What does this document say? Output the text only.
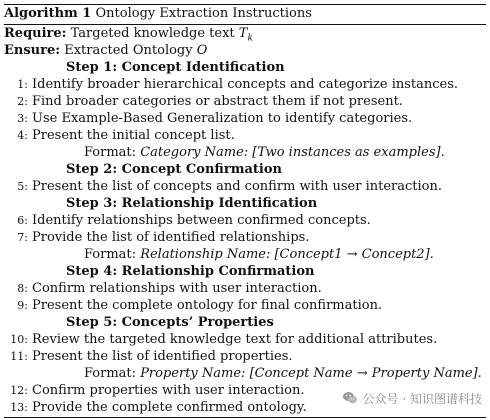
Algorithm 1 Ontology Extraction Instructions
Require: Targeted knowledge text $T_k$
Ensure: Extracted Ontology O
Step 1: Concept Identification
1: Identify broader hierarchical concepts and categorize instances.
2: Find broader categories or abstract them if not present.
3: Use Example-Based Generalization to identify categories.
4: Present the initial concept list.
Format: Category Name: [Two instances as examples].
Step 2: Concept Confirmation
5: Present the list of concepts and confirm with user interaction.
Step 3: Relationship Identification
6: Identify relationships between confirmed concepts.
7: Provide the list of identified relationships.
Format: Relationship Name: [Concept1 → Concept2].
Step 4: Relationship Confirmation
8: Confirm relationships with user interaction.
9: Present the complete ontology for final confirmation.
Step 5: Concepts’ Properties
10: Review the targeted knowledge text for additional attributes.
11: Present the list of identified properties.
Format: Property Name: [Concept Name → Property Name].
12: Confirm properties with user interaction.
13: Provide the complete confirmed ontology.
公众号 · 知识图谱科技
